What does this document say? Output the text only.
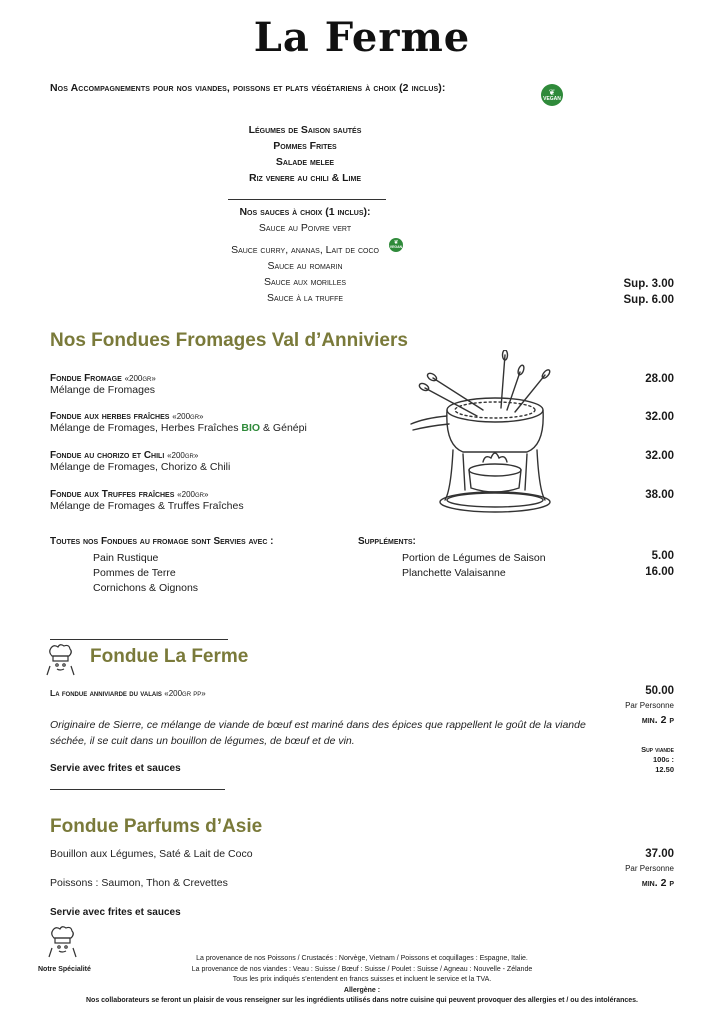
La Ferme
Nos Accompagnements pour nos viandes, poissons et plats végétariens à choix (2 inclus):	❦
VEGAN
Légumes de Saison sautés
Pommes Frites
Salade melee
Riz venere au chili & Lime
Nos sauces à choix (1 inclus):
Sauce au Poivre vert
Sauce curry, ananas, Lait de coco
Sauce au romarin
Sauce aux morilles
Sauce à la truffe
❦
VEGAN
Sup. 3.00
Sup. 6.00
Nos Fondues Fromages Val d’Anniviers
Fondue Fromage «200gr»
Mélange de Fromages
28.00
Fondue aux herbes fraîches «200gr»
Mélange de Fromages, Herbes Fraîches BIO & Génépi
32.00
Fondue au chorizo et Chili «200gr»
Mélange de Fromages, Chorizo & Chili
32.00
Fondue aux Truffes fraîches «200gr»
Mélange de Fromages & Truffes Fraîches
38.00
Toutes nos Fondues au fromage sont Servies avec :
Pain Rustique
Pommes de Terre
Cornichons & Oignons
Suppléments:
Portion de Légumes de Saison
Planchette Valaisanne
5.00
16.00
Fondue La Ferme
La fondue anniviarde du valais «200gr pp»
Originaire de Sierre, ce mélange de viande de bœuf est mariné dans des épices que rappellent le goût de la viande séchée, il se cuit dans un bouillon de légumes, de bœuf et de vin.
Servie avec frites et sauces
50.00
Par Personne
min. 2 p
Sup viande
100g :
12.50
Fondue Parfums d’Asie
Bouillon aux Légumes, Saté & Lait de Coco
Poissons : Saumon, Thon & Crevettes
Servie avec frites et sauces
37.00
Par Personne
min. 2 p
Notre Spécialité
La provenance de nos Poissons / Crustacés : Norvège, Vietnam / Poissons et coquillages : Espagne, Italie.
La provenance de nos viandes : Veau : Suisse / Bœuf : Suisse / Poulet : Suisse / Agneau : Nouvelle - Zélande
Tous les prix indiqués s’entendent en francs suisses et incluent le service et la TVA.
Allergène :
Nos collaborateurs se feront un plaisir de vous renseigner sur les ingrédients utilisés dans notre cuisine qui peuvent provoquer des allergies et / ou des intolérances.
